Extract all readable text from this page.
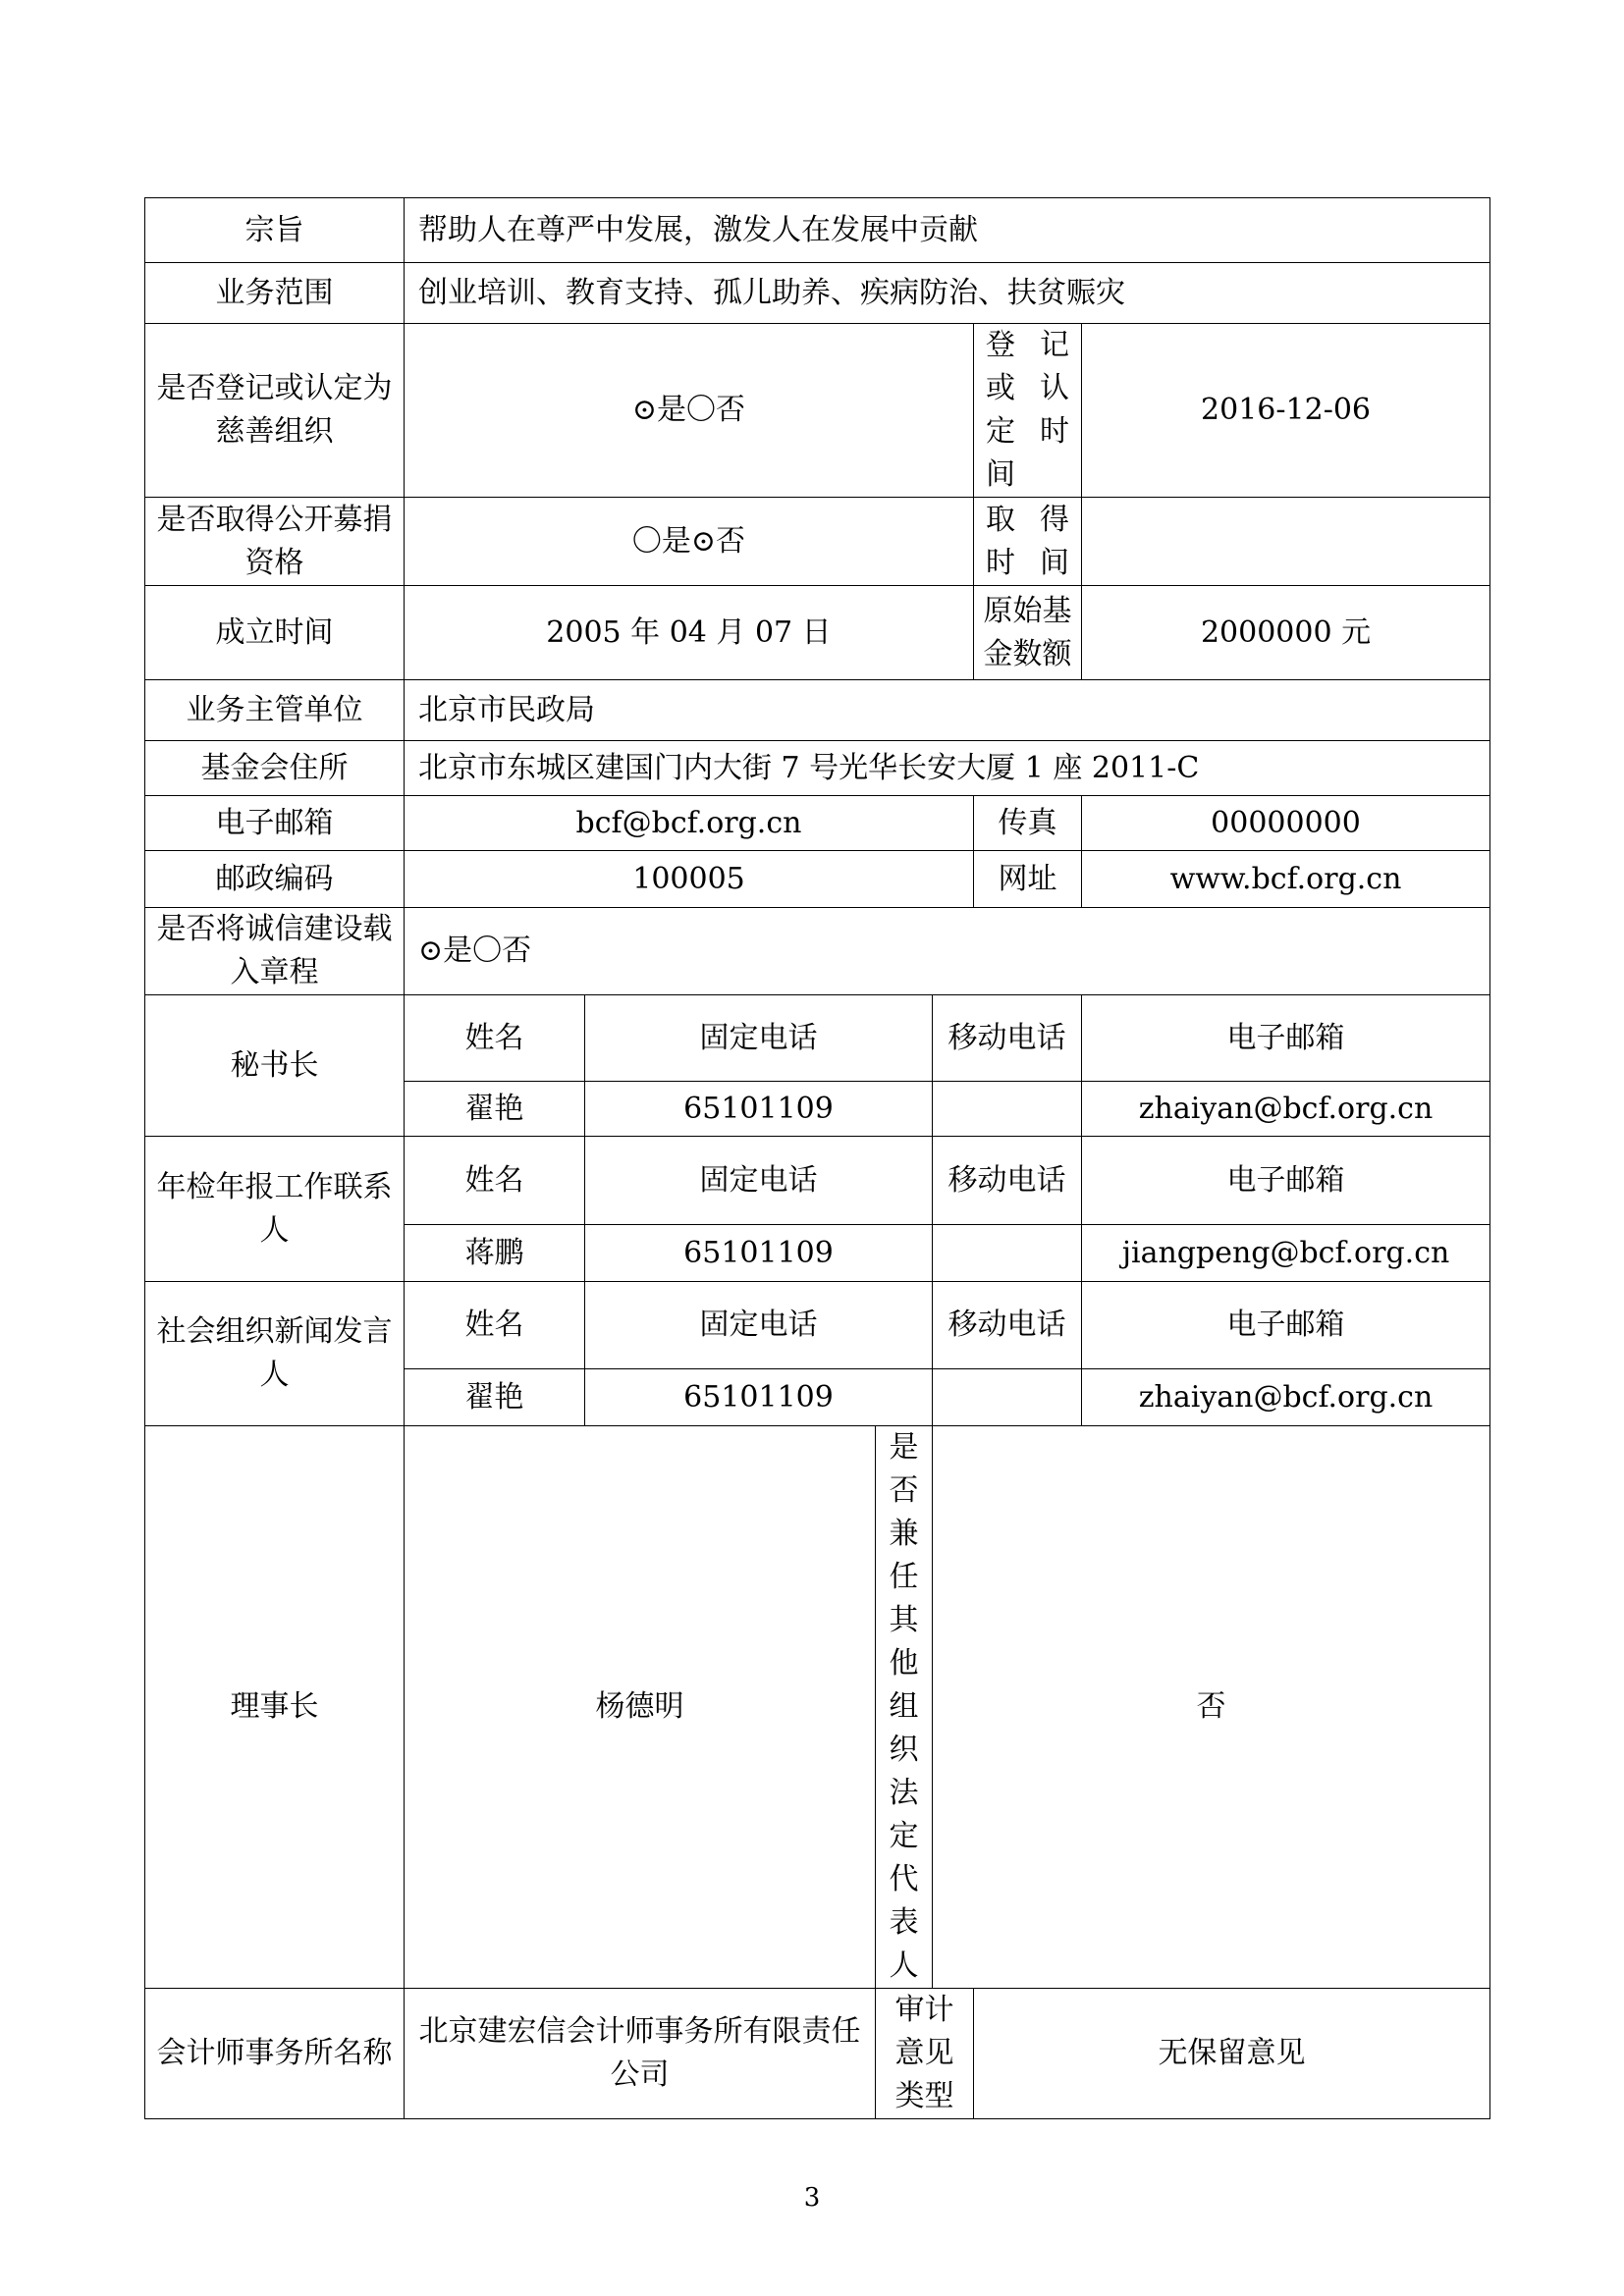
宗旨	帮助人在尊严中发展，激发人在发展中贡献					
业务范围	创业培训、教育支持、孤儿助养、疾病防治、扶贫赈灾					
是否登记或认定为慈善组织	⊙是〇否				登记或认定时间	2016-12-06
是否取得公开募捐资格	〇是⊙否				取得时间	
成立时间	2005 年 04 月 07 日				原始基金数额	2000000 元
业务主管单位	北京市民政局					
基金会住所	北京市东城区建国门内大街 7 号光华长安大厦 1 座 2011-C					
电子邮箱	bcf@bcf.org.cn				传真	00000000
邮政编码	100005				网址	www.bcf.org.cn
是否将诚信建设载入章程	⊙是〇否					
秘书长	姓名	固定电话		移动电话		电子邮箱
	翟艳	65101109				zhaiyan@bcf.org.cn
年检年报工作联系人	姓名	固定电话		移动电话		电子邮箱
	蒋鹏	65101109				jiangpeng@bcf.org.cn
社会组织新闻发言人	姓名	固定电话		移动电话		电子邮箱
	翟艳	65101109				zhaiyan@bcf.org.cn
理事长	杨德明		是否兼任其他组织法定代表人	否		
会计师事务所名称	北京建宏信会计师事务所有限责任公司		审计意见类型		无保留意见	
3
